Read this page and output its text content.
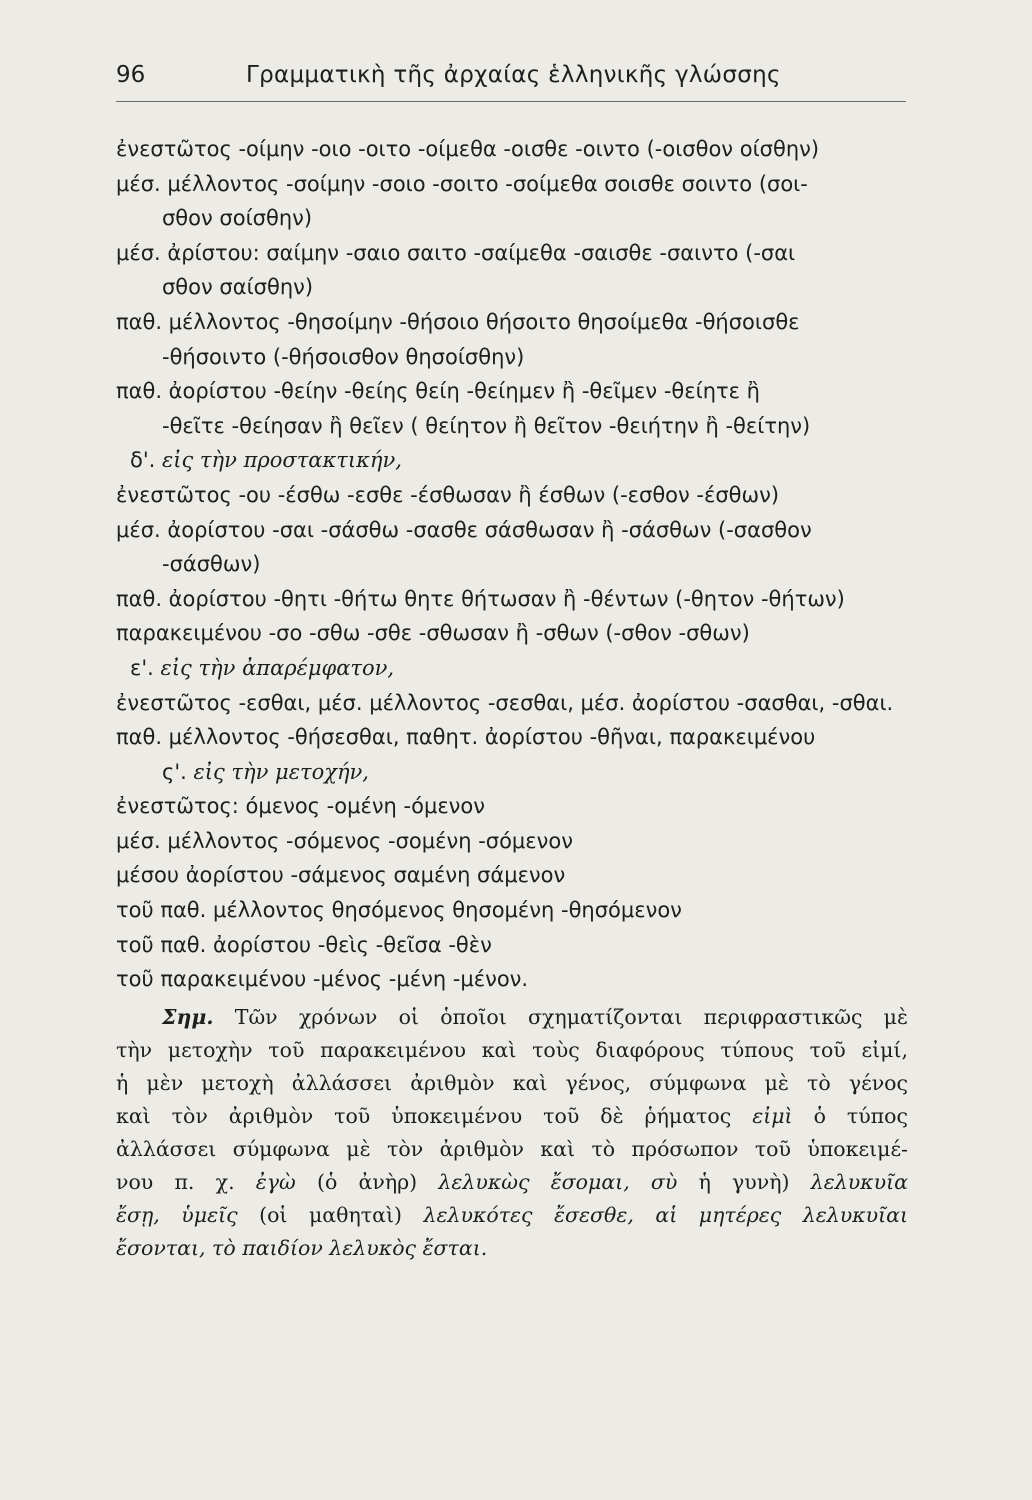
96	Γραμματικὴ τῆς ἀρχαίας ἑλληνικῆς γλώσσης
ἐνεστῶτος -οίμην -οιο -οιτο -οίμεθα -οισθε -οιντο (-οισθον οίσθην)
μέσ. μέλλοντος -σοίμην -σοιο -σοιτο -σοίμεθα σοισθε σοιντο (σοι-
σθον σοίσθην)
μέσ. ἀρίστου: σαίμην -σαιο σαιτο -σαίμεθα -σαισθε -σαιντο (-σαι
σθον σαίσθην)
παθ. μέλλοντος -θησοίμην -θήσοιο θήσοιτο θησοίμεθα -θήσοισθε
-θήσοιντο (-θήσοισθον θησοίσθην)
παθ. ἀορίστου -θείην -θείης θείη -θείημεν ἢ -θεῖμεν -θείητε ἢ
-θεῖτε -θείησαν ἢ θεῖεν ( θείητον ἢ θεῖτον -θειήτην ἢ -θείτην)
δ'. εἰς τὴν προστακτικήν,
ἐνεστῶτος -ου -έσθω -εσθε -έσθωσαν ἢ έσθων (-εσθον -έσθων)
μέσ. ἀορίστου -σαι -σάσθω -σασθε σάσθωσαν ἢ -σάσθων (-σασθον
-σάσθων)
παθ. ἀορίστου -θητι -θήτω θητε θήτωσαν ἢ -θέντων (-θητον -θήτων)
παρακειμένου -σο -σθω -σθε -σθωσαν ἢ -σθων (-σθον -σθων)
ε'. εἰς τὴν ἀπαρέμφατον,
ἐνεστῶτος -εσθαι, μέσ. μέλλοντος -σεσθαι, μέσ. ἀορίστου -σασθαι, -σθαι.
παθ. μέλλοντος -θήσεσθαι, παθητ. ἀορίστου -θῆναι, παρακειμένου
ς'. εἰς τὴν μετοχήν,
ἐνεστῶτος: όμενος -ομένη -όμενον
μέσ. μέλλοντος -σόμενος -σομένη -σόμενον
μέσου ἀορίστου -σάμενος σαμένη σάμενον
τοῦ παθ. μέλλοντος θησόμενος θησομένη -θησόμενον
τοῦ παθ. ἀορίστου -θεὶς -θεῖσα -θὲν
τοῦ παρακειμένου -μένος -μένη -μένον.
Σημ. Τῶν χρόνων οἱ ὁποῖοι σχηματίζονται περιφραστικῶς μὲ
τὴν μετοχὴν τοῦ παρακειμένου καὶ τοὺς διαφόρους τύπους τοῦ εἰμί,
ἡ μὲν μετοχὴ ἀλλάσσει ἀριθμὸν καὶ γένος, σύμφωνα μὲ τὸ γένος
καὶ τὸν ἀριθμὸν τοῦ ὑποκειμένου τοῦ δὲ ῥήματος εἰμὶ ὁ τύπος
ἀλλάσσει σύμφωνα μὲ τὸν ἀριθμὸν καὶ τὸ πρόσωπον τοῦ ὑποκειμέ-
νου π. χ. ἐγὼ (ὁ ἀνὴρ) λελυκὼς ἔσομαι, σὺ ἡ γυνὴ) λελυκυῖα
ἔσῃ, ὑμεῖς (οἱ μαθηταὶ) λελυκότες ἔσεσθε, αἱ μητέρες λελυκυῖαι
ἔσονται, τὸ παιδίον λελυκὸς ἔσται.
